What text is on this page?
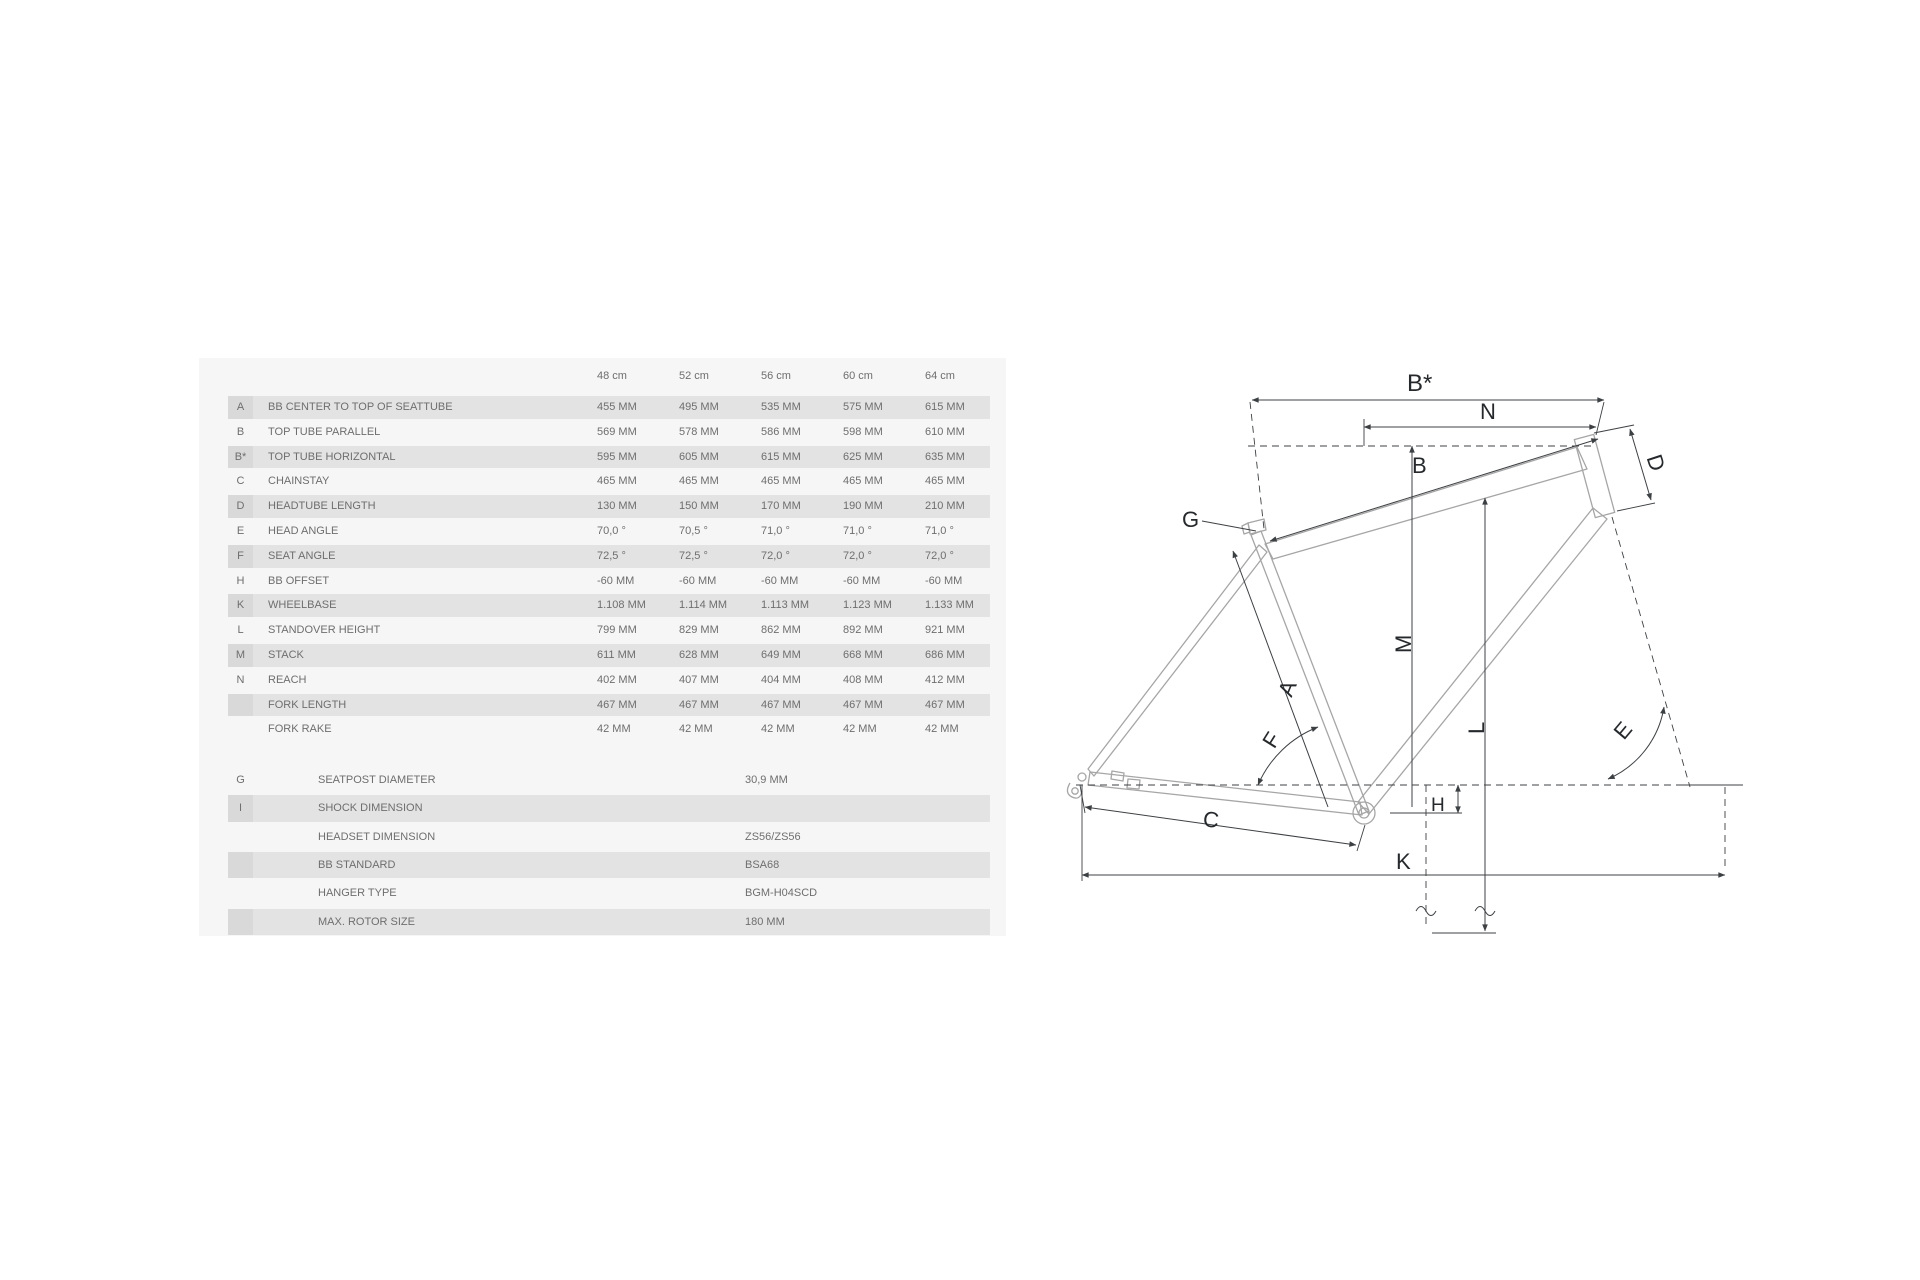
48 cm	52 cm	56 cm	60 cm	64 cm
A	BB CENTER TO TOP OF SEATTUBE	455 MM	495 MM	535 MM	575 MM	615 MM
B	TOP TUBE PARALLEL	569 MM	578 MM	586 MM	598 MM	610 MM
B*	TOP TUBE HORIZONTAL	595 MM	605 MM	615 MM	625 MM	635 MM
C	CHAINSTAY	465 MM	465 MM	465 MM	465 MM	465 MM
D	HEADTUBE LENGTH	130 MM	150 MM	170 MM	190 MM	210 MM
E	HEAD ANGLE	70,0 °	70,5 °	71,0 °	71,0 °	71,0 °
F	SEAT ANGLE	72,5 °	72,5 °	72,0 °	72,0 °	72,0 °
H	BB OFFSET	-60 MM	-60 MM	-60 MM	-60 MM	-60 MM
K	WHEELBASE	1.108 MM	1.114 MM	1.113 MM	1.123 MM	1.133 MM
L	STANDOVER HEIGHT	799 MM	829 MM	862 MM	892 MM	921 MM
M	STACK	611 MM	628 MM	649 MM	668 MM	686 MM
N	REACH	402 MM	407 MM	404 MM	408 MM	412 MM
FORK LENGTH	467 MM	467 MM	467 MM	467 MM	467 MM
FORK RAKE	42 MM	42 MM	42 MM	42 MM	42 MM
G	SEATPOST DIAMETER	30,9 MM
I	SHOCK DIMENSION
HEADSET DIMENSION	ZS56/ZS56
BB STANDARD	BSA68
HANGER TYPE	BGM-H04SCD
MAX. ROTOR SIZE	180 MM
B*
N
B	D
G
A
F
M
L	E
H
C
K
